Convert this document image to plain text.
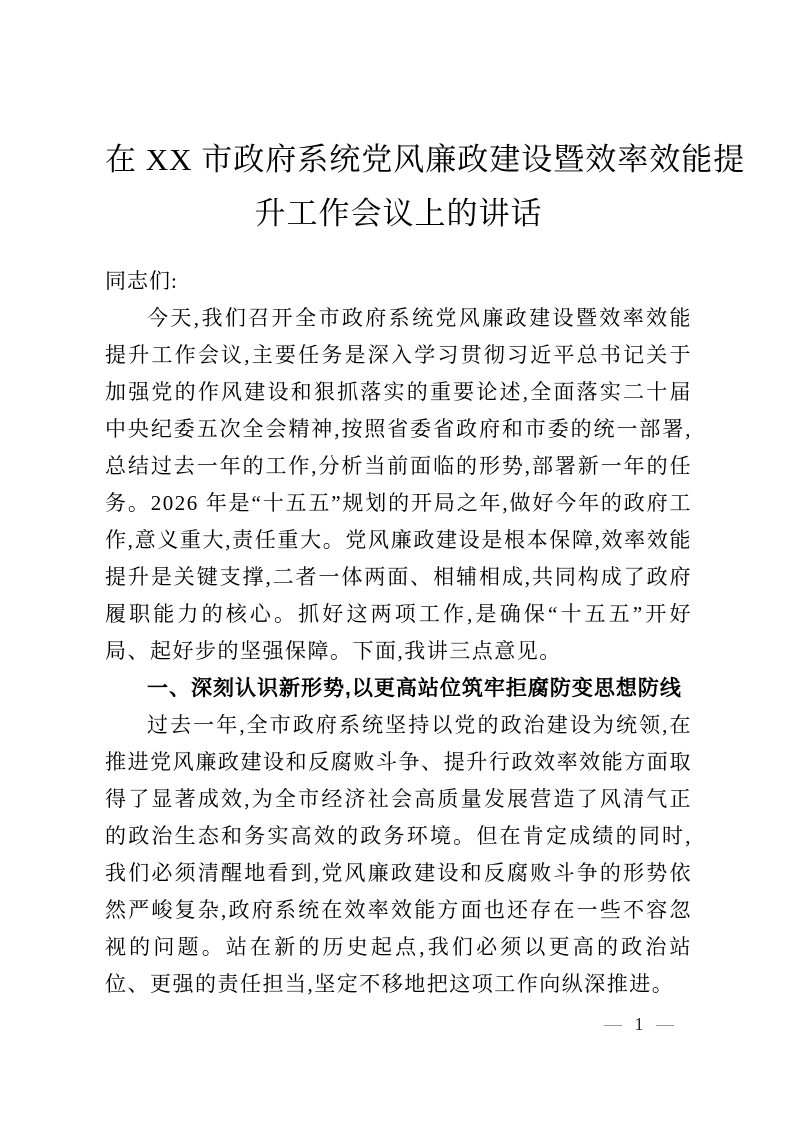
在 XX 市政府系统党风廉政建设暨效率效能提
升工作会议上的讲话

同志们:

今天,我们召开全市政府系统党风廉政建设暨效率效能提升工作会议,主要任务是深入学习贯彻习近平总书记关于加强党的作风建设和狠抓落实的重要论述,全面落实二十届中央纪委五次全会精神,按照省委省政府和市委的统一部署,总结过去一年的工作,分析当前面临的形势,部署新一年的任务。2026 年是“十五五”规划的开局之年,做好今年的政府工作,意义重大,责任重大。党风廉政建设是根本保障,效率效能提升是关键支撑,二者一体两面、相辅相成,共同构成了政府履职能力的核心。抓好这两项工作,是确保“十五五”开好局、起好步的坚强保障。下面,我讲三点意见。

一、深刻认识新形势,以更高站位筑牢拒腐防变思想防线

过去一年,全市政府系统坚持以党的政治建设为统领,在推进党风廉政建设和反腐败斗争、提升行政效率效能方面取得了显著成效,为全市经济社会高质量发展营造了风清气正的政治生态和务实高效的政务环境。但在肯定成绩的同时,我们必须清醒地看到,党风廉政建设和反腐败斗争的形势依然严峻复杂,政府系统在效率效能方面也还存在一些不容忽视的问题。站在新的历史起点,我们必须以更高的政治站位、更强的责任担当,坚定不移地把这项工作向纵深推进。

— 1 —
